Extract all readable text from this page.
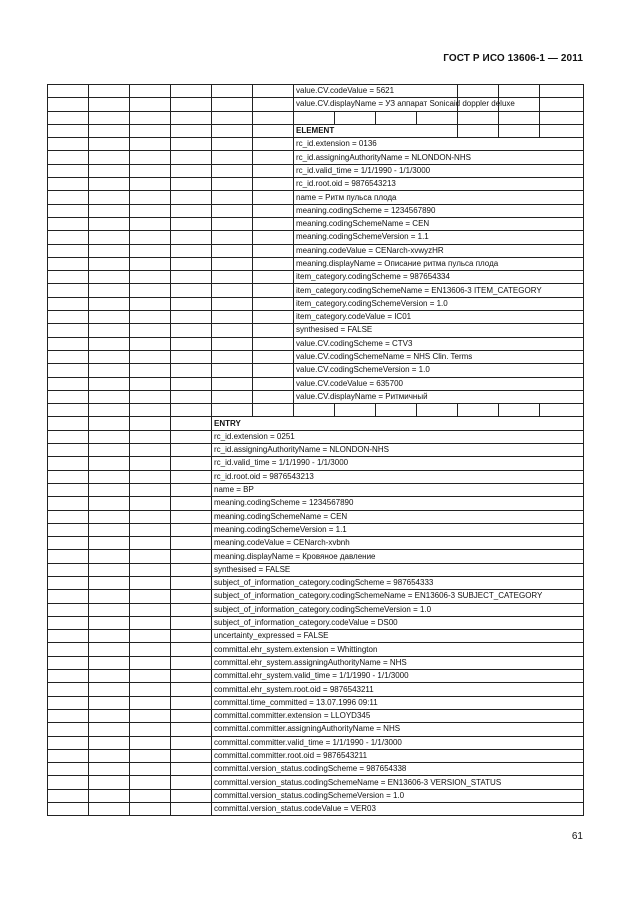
ГОСТ Р ИСО 13606-1 — 2011
						value.CV.codeValue = 5621						
						value.CV.displayName = УЗ аппарат Sonicaid doppler deluxe						

						ELEMENT						
						rc_id.extension = 0136						
						rc_id.assigningAuthorityName = NLONDON-NHS						
						rc_id.valid_time = 1/1/1990 - 1/1/3000						
						rc_id.root.oid = 9876543213						
						name = Ритм пульса плода						
						meaning.codingScheme = 1234567890						
						meaning.codingSchemeName = CEN						
						meaning.codingSchemeVersion = 1.1						
						meaning.codeValue = CENarch-xvwyzHR						
						meaning.displayName = Описание ритма пульса плода						
						item_category.codingScheme = 987654334						
						item_category.codingSchemeName = EN13606-3 ITEM_CATEGORY						
						item_category.codingSchemeVersion = 1.0						
						item_category.codeValue = IC01						
						synthesised = FALSE						
						value.CV.codingScheme = CTV3						
						value.CV.codingSchemeName = NHS Clin. Terms						
						value.CV.codingSchemeVersion = 1.0						
						value.CV.codeValue = 635700						
						value.CV.displayName = Ритмичный						

				ENTRY								
				rc_id.extension = 0251								
				rc_id.assigningAuthorityName = NLONDON-NHS								
				rc_id.valid_time = 1/1/1990 - 1/1/3000								
				rc_id.root.oid = 9876543213								
				name = BP								
				meaning.codingScheme = 1234567890								
				meaning.codingSchemeName = CEN								
				meaning.codingSchemeVersion = 1.1								
				meaning.codeValue = CENarch-xvbnh								
				meaning.displayName = Кровяное давление								
				synthesised = FALSE								
				subject_of_information_category.codingScheme = 987654333								
				subject_of_information_category.codingSchemeName = EN13606-3 SUBJECT_CATEGORY								
				subject_of_information_category.codingSchemeVersion = 1.0								
				subject_of_information_category.codeValue = DS00								
				uncertainty_expressed = FALSE								
				committal.ehr_system.extension = Whittington								
				committal.ehr_system.assigningAuthorityName = NHS								
				committal.ehr_system.valid_time = 1/1/1990 - 1/1/3000								
				committal.ehr_system.root.oid = 9876543211								
				committal.time_committed = 13.07.1996 09:11								
				committal.committer.extension = LLOYD345								
				committal.committer.assigningAuthorityName = NHS								
				committal.committer.valid_time = 1/1/1990 - 1/1/3000								
				committal.committer.root.oid = 9876543211								
				committal.version_status.codingScheme = 987654338								
				committal.version_status.codingSchemeName = EN13606-3 VERSION_STATUS								
				committal.version_status.codingSchemeVersion = 1.0								
				committal.version_status.codeValue = VER03								
61
